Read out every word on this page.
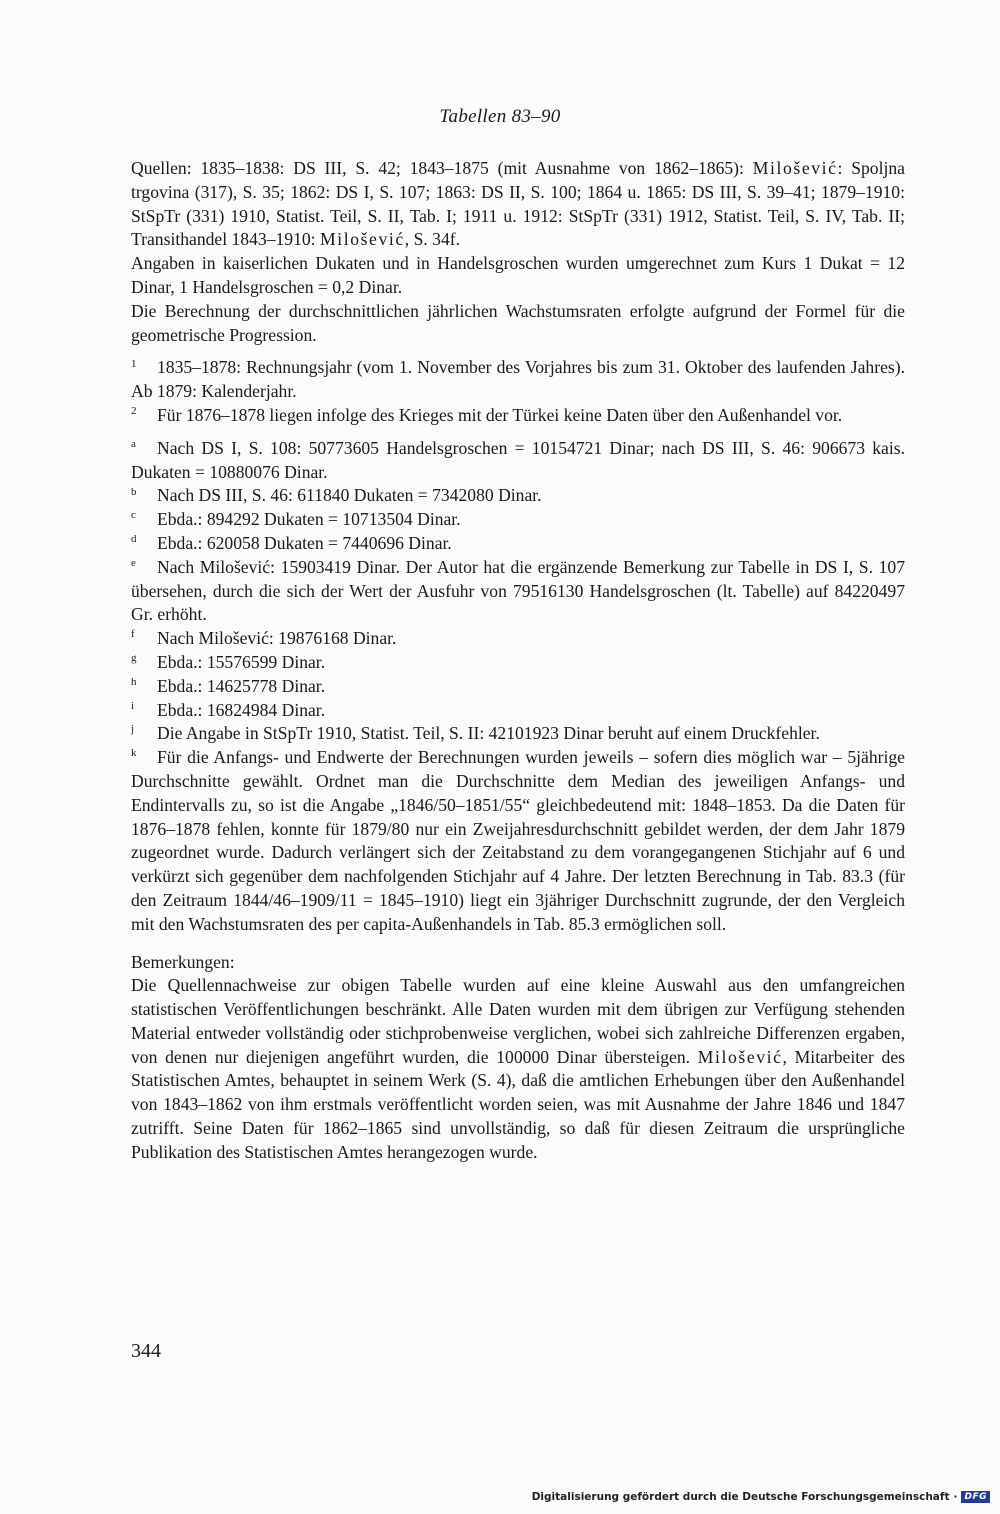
Tabellen 83–90

Quellen: 1835–1838: DS III, S. 42; 1843–1875 (mit Ausnahme von 1862–1865): Milošević: Spoljna trgovina (317), S. 35; 1862: DS I, S. 107; 1863: DS II, S. 100; 1864 u. 1865: DS III, S. 39–41; 1879–1910: StSpTr (331) 1910, Statist. Teil, S. II, Tab. I; 1911 u. 1912: StSpTr (331) 1912, Statist. Teil, S. IV, Tab. II; Transithandel 1843–1910: Milošević, S. 34f.

Angaben in kaiserlichen Dukaten und in Handelsgroschen wurden umgerechnet zum Kurs 1 Dukat = 12 Dinar, 1 Handelsgroschen = 0,2 Dinar.

Die Berechnung der durchschnittlichen jährlichen Wachstumsraten erfolgte aufgrund der Formel für die geometrische Progression.

1 1835–1878: Rechnungsjahr (vom 1. November des Vorjahres bis zum 31. Oktober des laufenden Jahres). Ab 1879: Kalenderjahr.

2 Für 1876–1878 liegen infolge des Krieges mit der Türkei keine Daten über den Außenhandel vor.

a Nach DS I, S. 108: 50773605 Handelsgroschen = 10154721 Dinar; nach DS III, S. 46: 906673 kais. Dukaten = 10880076 Dinar.

b Nach DS III, S. 46: 611840 Dukaten = 7342080 Dinar.

c Ebda.: 894292 Dukaten = 10713504 Dinar.

d Ebda.: 620058 Dukaten = 7440696 Dinar.

e Nach Milošević: 15903419 Dinar. Der Autor hat die ergänzende Bemerkung zur Tabelle in DS I, S. 107 übersehen, durch die sich der Wert der Ausfuhr von 79516130 Handelsgroschen (lt. Tabelle) auf 84220497 Gr. erhöht.

f Nach Milošević: 19876168 Dinar.

g Ebda.: 15576599 Dinar.

h Ebda.: 14625778 Dinar.

i Ebda.: 16824984 Dinar.

j Die Angabe in StSpTr 1910, Statist. Teil, S. II: 42101923 Dinar beruht auf einem Druckfehler.

k Für die Anfangs- und Endwerte der Berechnungen wurden jeweils – sofern dies möglich war – 5jährige Durchschnitte gewählt. Ordnet man die Durchschnitte dem Median des jeweiligen Anfangs- und Endintervalls zu, so ist die Angabe „1846/50–1851/55“ gleichbedeutend mit: 1848–1853. Da die Daten für 1876–1878 fehlen, konnte für 1879/80 nur ein Zweijahresdurchschnitt gebildet werden, der dem Jahr 1879 zugeordnet wurde. Dadurch verlängert sich der Zeitabstand zu dem vorangegangenen Stichjahr auf 6 und verkürzt sich gegenüber dem nachfolgenden Stichjahr auf 4 Jahre. Der letzten Berechnung in Tab. 83.3 (für den Zeitraum 1844/46–1909/11 = 1845–1910) liegt ein 3jähriger Durchschnitt zugrunde, der den Vergleich mit den Wachstumsraten des per capita-Außenhandels in Tab. 85.3 ermöglichen soll.

Bemerkungen:

Die Quellennachweise zur obigen Tabelle wurden auf eine kleine Auswahl aus den umfangreichen statistischen Veröffentlichungen beschränkt. Alle Daten wurden mit dem übrigen zur Verfügung stehenden Material entweder vollständig oder stichprobenweise verglichen, wobei sich zahlreiche Differenzen ergaben, von denen nur diejenigen angeführt wurden, die 100000 Dinar übersteigen. Milošević, Mitarbeiter des Statistischen Amtes, behauptet in seinem Werk (S. 4), daß die amtlichen Erhebungen über den Außenhandel von 1843–1862 von ihm erstmals veröffentlicht worden seien, was mit Ausnahme der Jahre 1846 und 1847 zutrifft. Seine Daten für 1862–1865 sind unvollständig, so daß für diesen Zeitraum die ursprüngliche Publikation des Statistischen Amtes herangezogen wurde.

344
Digitalisierung gefördert durch die Deutsche Forschungsgemeinschaft · DFG
